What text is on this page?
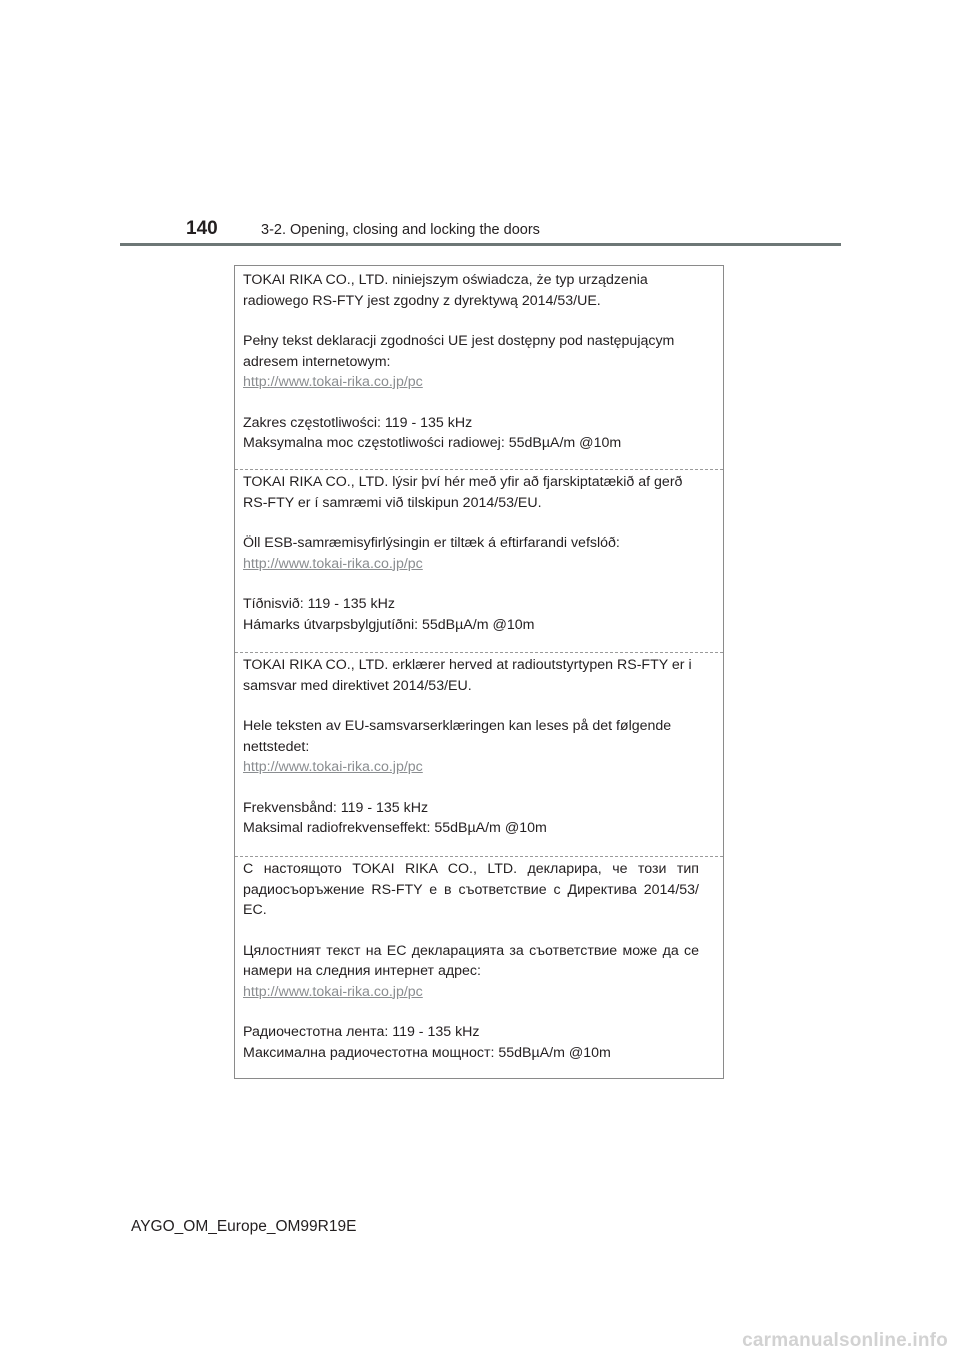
140	3-2. Opening, closing and locking the doors

TOKAI RIKA CO., LTD. niniejszym oświadcza, że typ urządzenia radiowego RS-FTY jest zgodny z dyrektywą 2014/53/UE.

Pełny tekst deklaracji zgodności UE jest dostępny pod następującym adresem internetowym:

http://www.tokai-rika.co.jp/pc

Zakres częstotliwości: 119 - 135 kHz

Maksymalna moc częstotliwości radiowej: 55dBµA/m @10m

TOKAI RIKA CO., LTD. lýsir því hér með yfir að fjarskiptatækið af gerð RS-FTY er í samræmi við tilskipun 2014/53/EU.

Öll ESB-samræmisyfirlýsingin er tiltæk á eftirfarandi vefslóð:

http://www.tokai-rika.co.jp/pc

Tíðnisvið: 119 - 135 kHz

Hámarks útvarpsbylgjutíðni: 55dBµA/m @10m

TOKAI RIKA CO., LTD. erklærer herved at radioutstyrtypen RS-FTY er i samsvar med direktivet 2014/53/EU.

Hele teksten av EU-samsvarserklæringen kan leses på det følgende nettstedet:

http://www.tokai-rika.co.jp/pc

Frekvensbånd: 119 - 135 kHz

Maksimal radiofrekvenseffekt: 55dBµA/m @10m

С настоящото TOKAI RIKA CO., LTD. декларира, че този тип радиосъоръжение RS-FTY е в съответствие с Директива 2014/53/ЕС.

Цялостният текст на ЕС декларацията за съответствие може да се намери на следния интернет адрес:

http://www.tokai-rika.co.jp/pc

Радиочестотна лента: 119 - 135 kHz

Максимална радиочестотна мощност: 55dBµA/m @10m

AYGO_OM_Europe_OM99R19E
carmanualsonline.info
